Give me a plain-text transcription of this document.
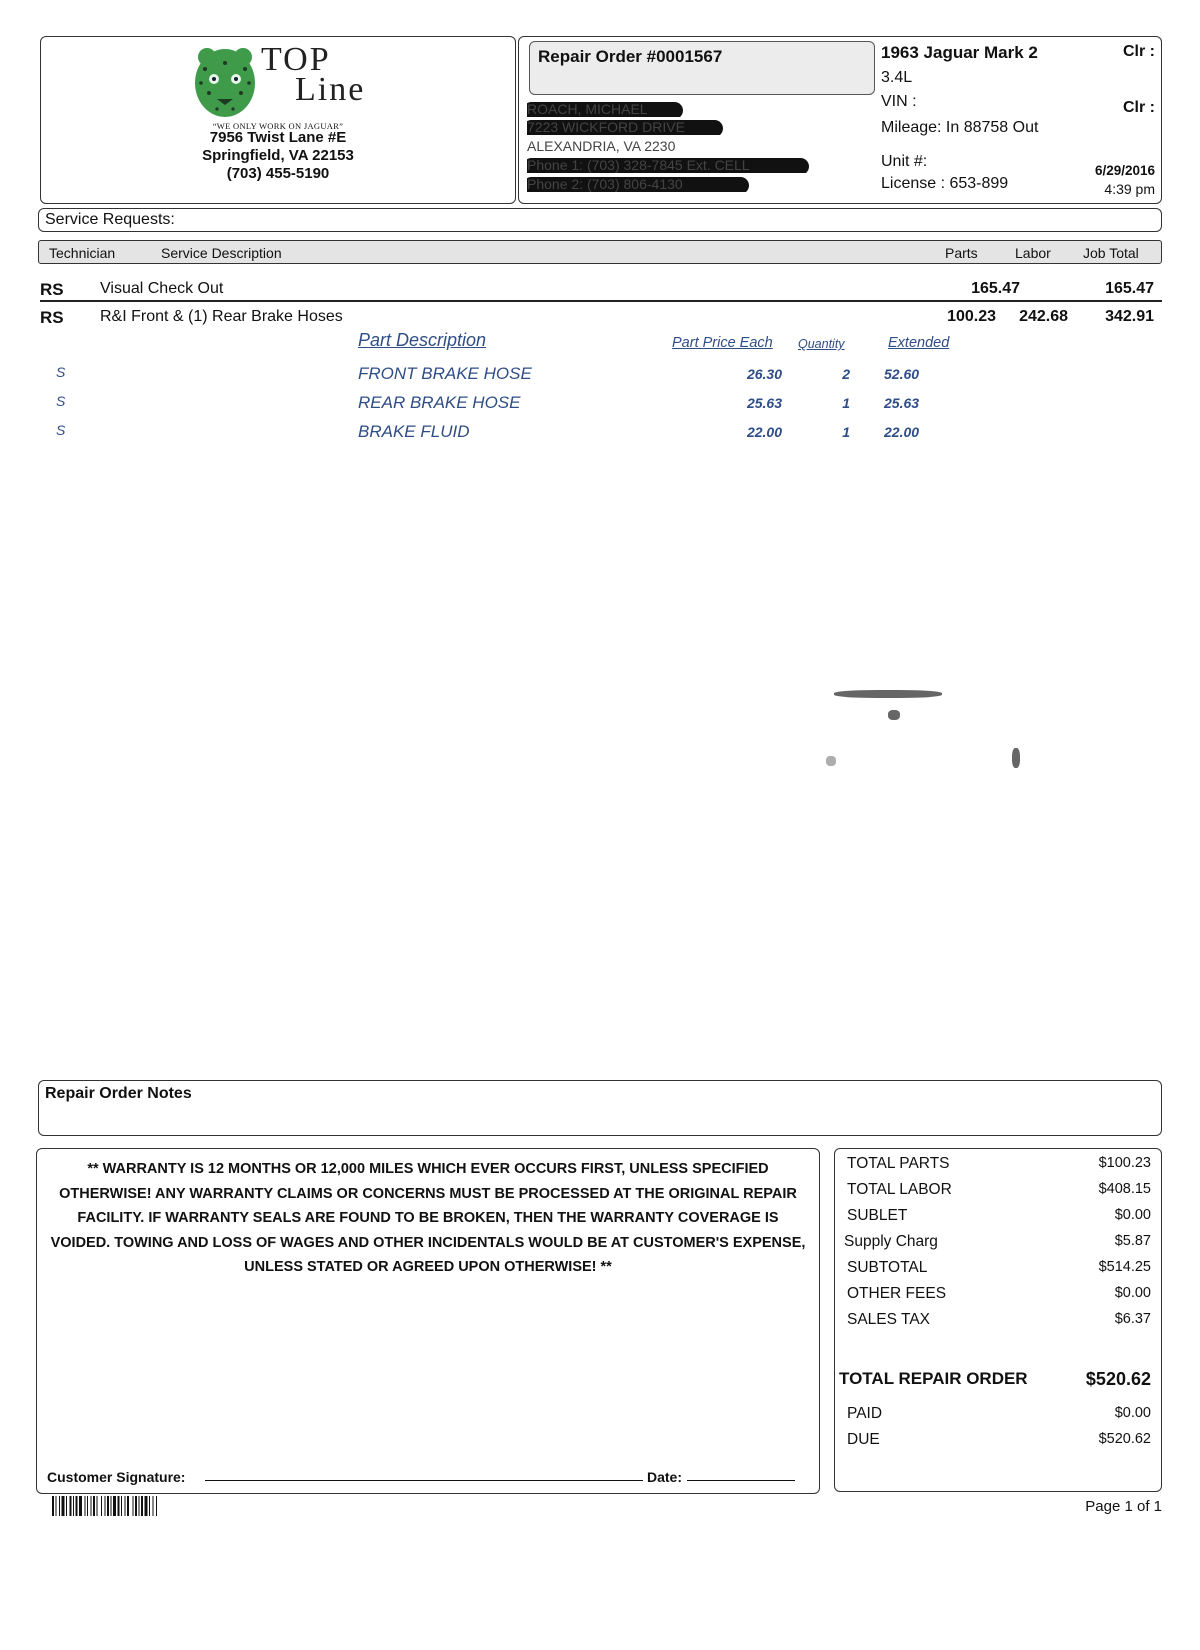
TOP
Line
“WE ONLY WORK ON JAGUAR”
7956 Twist Lane #E
Springfield, VA 22153
(703) 455-5190
Repair Order #0001567
ROACH, MICHAEL
7223 WICKFORD DRIVE
ALEXANDRIA, VA 2230
Phone 1: (703) 328-7845 Ext. CELL
Phone 2: (703) 806-4130
1963 Jaguar Mark 2
3.4L
VIN :
Mileage: In 88758 Out
Unit #:
License : 653-899
Clr :
Clr :
6/29/2016
4:39 pm
Service Requests:
Technician	Service Description	Parts	Labor Job Total
RS Visual Check Out	165.47	165.47
RS R&I Front & (1) Rear Brake Hoses	100.23 242.68 342.91
Part Description	Part Price Each Quantity	Extended
S	FRONT BRAKE HOSE	26.30	2 52.60
S	REAR BRAKE HOSE	25.63	1 25.63
S	BRAKE FLUID	22.00	1 22.00
Repair Order Notes
** WARRANTY IS 12 MONTHS OR 12,000 MILES WHICH EVER OCCURS FIRST, UNLESS SPECIFIED OTHERWISE! ANY WARRANTY CLAIMS OR CONCERNS MUST BE PROCESSED AT THE ORIGINAL REPAIR FACILITY. IF WARRANTY SEALS ARE FOUND TO BE BROKEN, THEN THE WARRANTY COVERAGE IS VOIDED. TOWING AND LOSS OF WAGES AND OTHER INCIDENTALS WOULD BE AT CUSTOMER'S EXPENSE, UNLESS STATED OR AGREED UPON OTHERWISE! **
Customer Signature:	Date:
TOTAL PARTS	$100.23
TOTAL LABOR	$408.15
SUBLET	$0.00
Supply Charg	$5.87
SUBTOTAL	$514.25
OTHER FEES	$0.00
SALES TAX	$6.37
TOTAL REPAIR ORDER	$520.62
PAID	$0.00
DUE	$520.62
Page 1 of 1
